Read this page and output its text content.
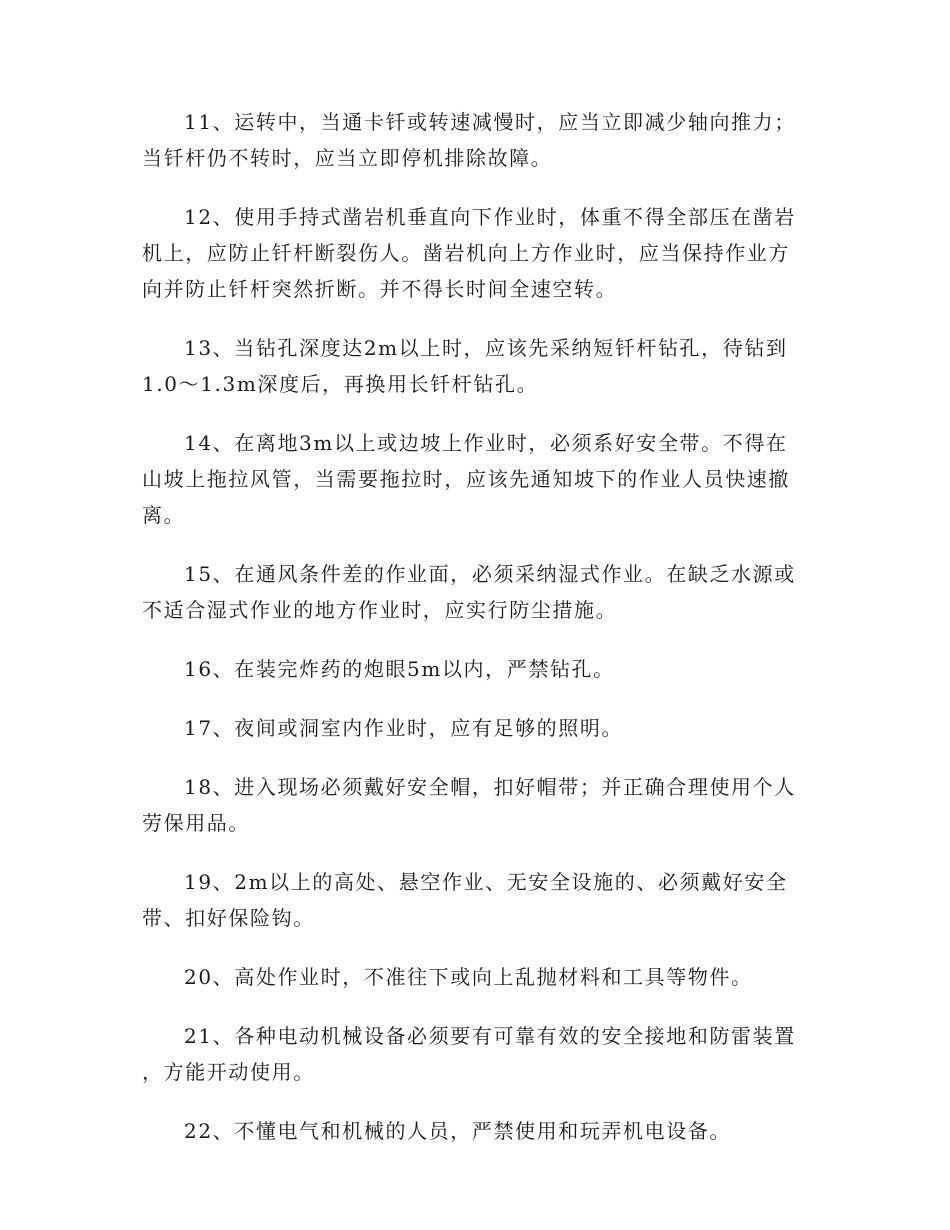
11、运转中，当通卡钎或转速减慢时，应当立即减少轴向推力；当钎杆仍不转时，应当立即停机排除故障。

12、使用手持式凿岩机垂直向下作业时，体重不得全部压在凿岩机上，应防止钎杆断裂伤人。凿岩机向上方作业时，应当保持作业方向并防止钎杆突然折断。并不得长时间全速空转。

13、当钻孔深度达2m以上时，应该先采纳短钎杆钻孔，待钻到1.0～1.3m深度后，再换用长钎杆钻孔。

14、在离地3m以上或边坡上作业时，必须系好安全带。不得在山坡上拖拉风管，当需要拖拉时，应该先通知坡下的作业人员快速撤离。

15、在通风条件差的作业面，必须采纳湿式作业。在缺乏水源或不适合湿式作业的地方作业时，应实行防尘措施。

16、在装完炸药的炮眼5m以内，严禁钻孔。

17、夜间或洞室内作业时，应有足够的照明。

18、进入现场必须戴好安全帽，扣好帽带；并正确合理使用个人劳保用品。

19、2m以上的高处、悬空作业、无安全设施的、必须戴好安全带、扣好保险钩。

20、高处作业时，不准往下或向上乱抛材料和工具等物件。

21、各种电动机械设备必须要有可靠有效的安全接地和防雷装置，方能开动使用。

22、不懂电气和机械的人员，严禁使用和玩弄机电设备。
